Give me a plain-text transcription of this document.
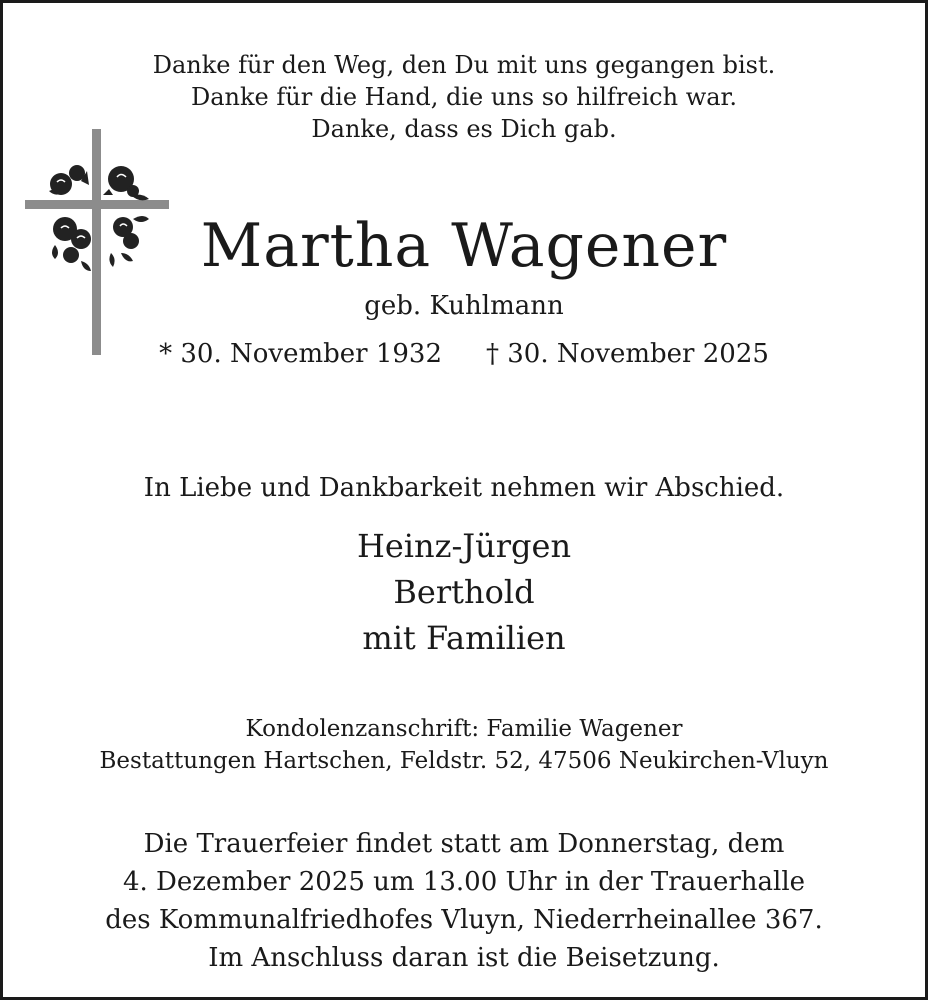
Danke für den Weg, den Du mit uns gegangen bist.
Danke für die Hand, die uns so hilfreich war.
Danke, dass es Dich gab.
Martha Wagener
geb. Kuhlmann
* 30. November 1932 † 30. November 2025
In Liebe und Dankbarkeit nehmen wir Abschied.
Heinz-Jürgen
Berthold
mit Familien
Kondolenzanschrift: Familie Wagener
Bestattungen Hartschen, Feldstr. 52, 47506 Neukirchen-Vluyn
Die Trauerfeier findet statt am Donnerstag, dem
4. Dezember 2025 um 13.00 Uhr in der Trauerhalle
des Kommunalfriedhofes Vluyn, Niederrheinallee 367.
Im Anschluss daran ist die Beisetzung.
